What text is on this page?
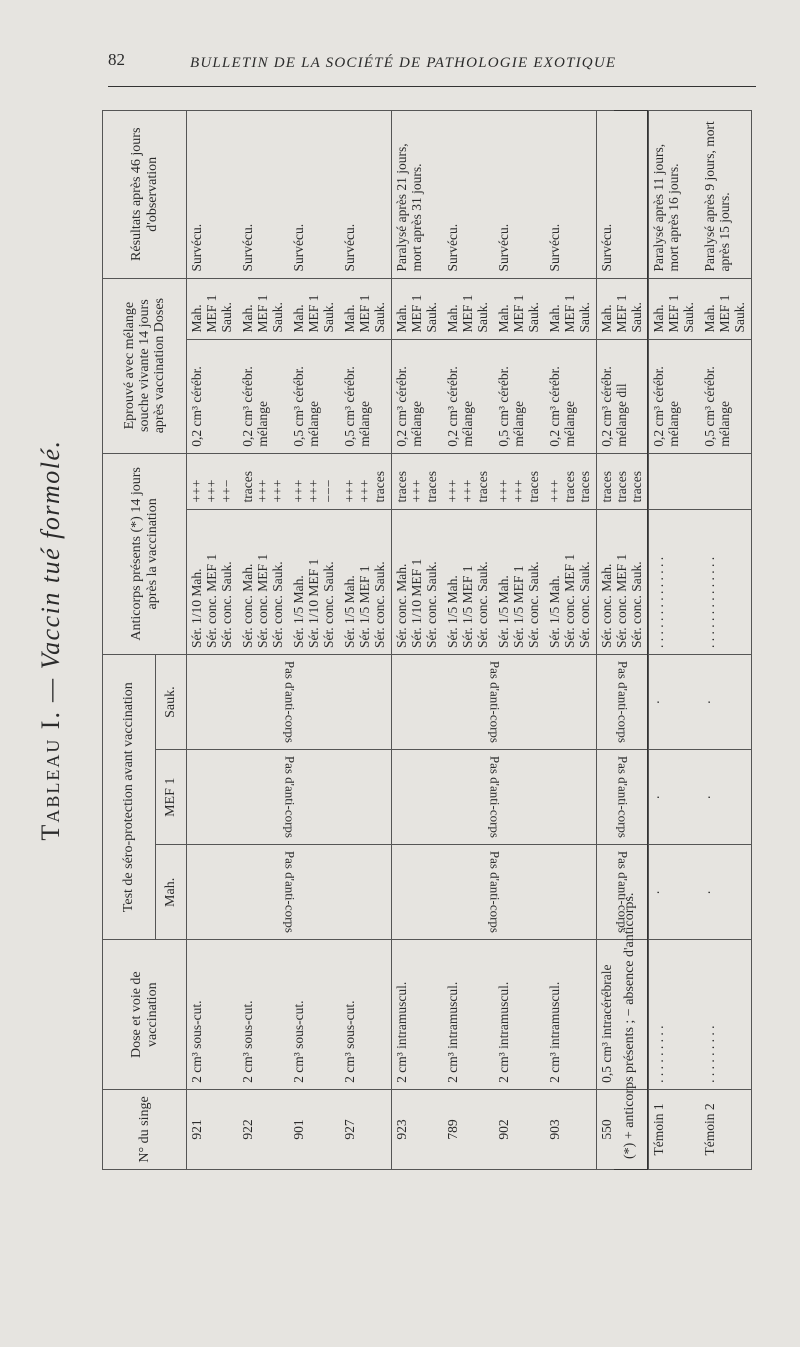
82	BULLETIN DE LA SOCIÉTÉ DE PATHOLOGIE EXOTIQUE
Tableau I. — Vaccin tué formolé.
N° du singe	Dose et voie de vaccination	Test de séro-protection avant vaccination			Anticorps présents (*) 14 jours après la vaccination		Eprouvé avec mélange souche vivante 14 jours après vaccination Doses		Résultats après 46 jours d'observation
		Mah.	MEF 1	Sauk.					
921	2 cm³ sous-cut.	Pas d'anti-corps	Pas d'anti-corps	Pas d'anti-corps	Sér. 1/10 Mah. Sér. conc. MEF 1 Sér. conc. Sauk.	+++ +++ ++−	0,2 cm³ cérébr.	Mah. MEF 1 Sauk.	Survécu.
922	2 cm³ sous-cut.				Sér. conc. Mah. Sér. conc. MEF 1 Sér. conc. Sauk.	traces +++ +++	0,2 cm³ cérébr. mélange	Mah. MEF 1 Sauk.	Survécu.
901	2 cm³ sous-cut.				Sér. 1/5 Mah. Sér. 1/10 MEF 1 Sér. conc. Sauk.	+++ +++ −−−	0,5 cm³ cérébr. mélange	Mah. MEF 1 Sauk.	Survécu.
927	2 cm³ sous-cut.				Sér. 1/5 Mah. Sér. 1/5 MEF 1 Sér. conc. Sauk.	+++ +++ traces	0,5 cm³ cérébr. mélange	Mah. MEF 1 Sauk.	Survécu.
923	2 cm³ intramuscul.	Pas d'anti-corps	Pas d'anti-corps	Pas d'anti-corps	Sér. conc. Mah. Sér. 1/10 MEF 1 Sér. conc. Sauk.	traces +++ traces	0,2 cm³ cérébr. mélange	Mah. MEF 1 Sauk.	Paralysé après 21 jours, mort après 31 jours.
789	2 cm³ intramuscul.				Sér. 1/5 Mah. Sér. 1/5 MEF 1 Sér. conc. Sauk.	+++ +++ traces	0,2 cm³ cérébr. mélange	Mah. MEF 1 Sauk.	Survécu.
902	2 cm³ intramuscul.				Sér. 1/5 Mah. Sér. 1/5 MEF 1 Sér. conc. Sauk.	+++ +++ traces	0,5 cm³ cérébr. mélange	Mah. MEF 1 Sauk.	Survécu.
903	2 cm³ intramuscul.				Sér. 1/5 Mah. Sér. conc. MEF 1 Sér. conc. Sauk.	+++ traces traces	0,2 cm³ cérébr. mélange	Mah. MEF 1 Sauk.	Survécu.
550	0,5 cm³ intracérébrale	Pas d'anti-corps	Pas d'anti-corps	Pas d'anti-corps	Sér. conc. Mah. Sér. conc. MEF 1 Sér. conc. Sauk.	traces traces traces	0,2 cm³ cérébr. mélange dil	Mah. MEF 1 Sauk.	Survécu.
Témoin 1	. . . . . . . . .	·	·	·	. . . . . . . . . . . . . .		0,2 cm³ cérébr. mélange	Mah. MEF 1 Sauk.	Paralysé après 11 jours, mort après 16 jours.
Témoin 2	. . . . . . . . .	·	·	·	. . . . . . . . . . . . . .		0,5 cm³ cérébr. mélange	Mah. MEF 1 Sauk.	Paralysé après 9 jours, mort après 15 jours.
(*) + anticorps présents ; − absence d'anticorps.
